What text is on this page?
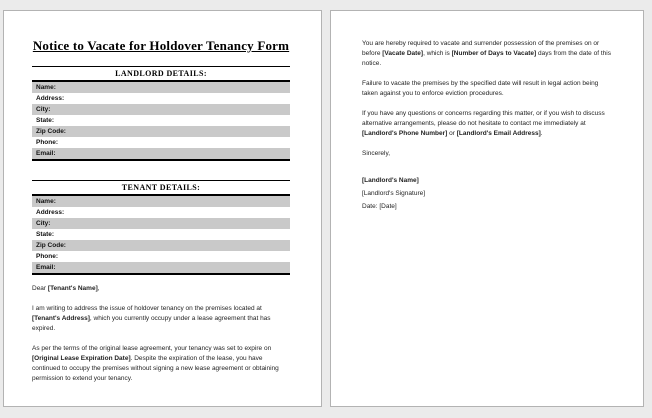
Notice to Vacate for Holdover Tenancy Form
LANDLORD DETAILS:
Name:
Address:
City:
State:
Zip Code:
Phone:
Email:
TENANT DETAILS:
Name:
Address:
City:
State:
Zip Code:
Phone:
Email:

Dear [Tenant's Name],

I am writing to address the issue of holdover tenancy on the premises located at [Tenant's Address], which you currently occupy under a lease agreement that has expired.

As per the terms of the original lease agreement, your tenancy was set to expire on [Original Lease Expiration Date]. Despite the expiration of the lease, you have continued to occupy the premises without signing a new lease agreement or obtaining permission to extend your tenancy.

You are hereby required to vacate and surrender possession of the premises on or before [Vacate Date], which is [Number of Days to Vacate] days from the date of this notice.

Failure to vacate the premises by the specified date will result in legal action being taken against you to enforce eviction procedures.

If you have any questions or concerns regarding this matter, or if you wish to discuss alternative arrangements, please do not hesitate to contact me immediately at [Landlord's Phone Number] or [Landlord's Email Address].

Sincerely,

[Landlord's Name]

[Landlord's Signature]

Date: [Date]
